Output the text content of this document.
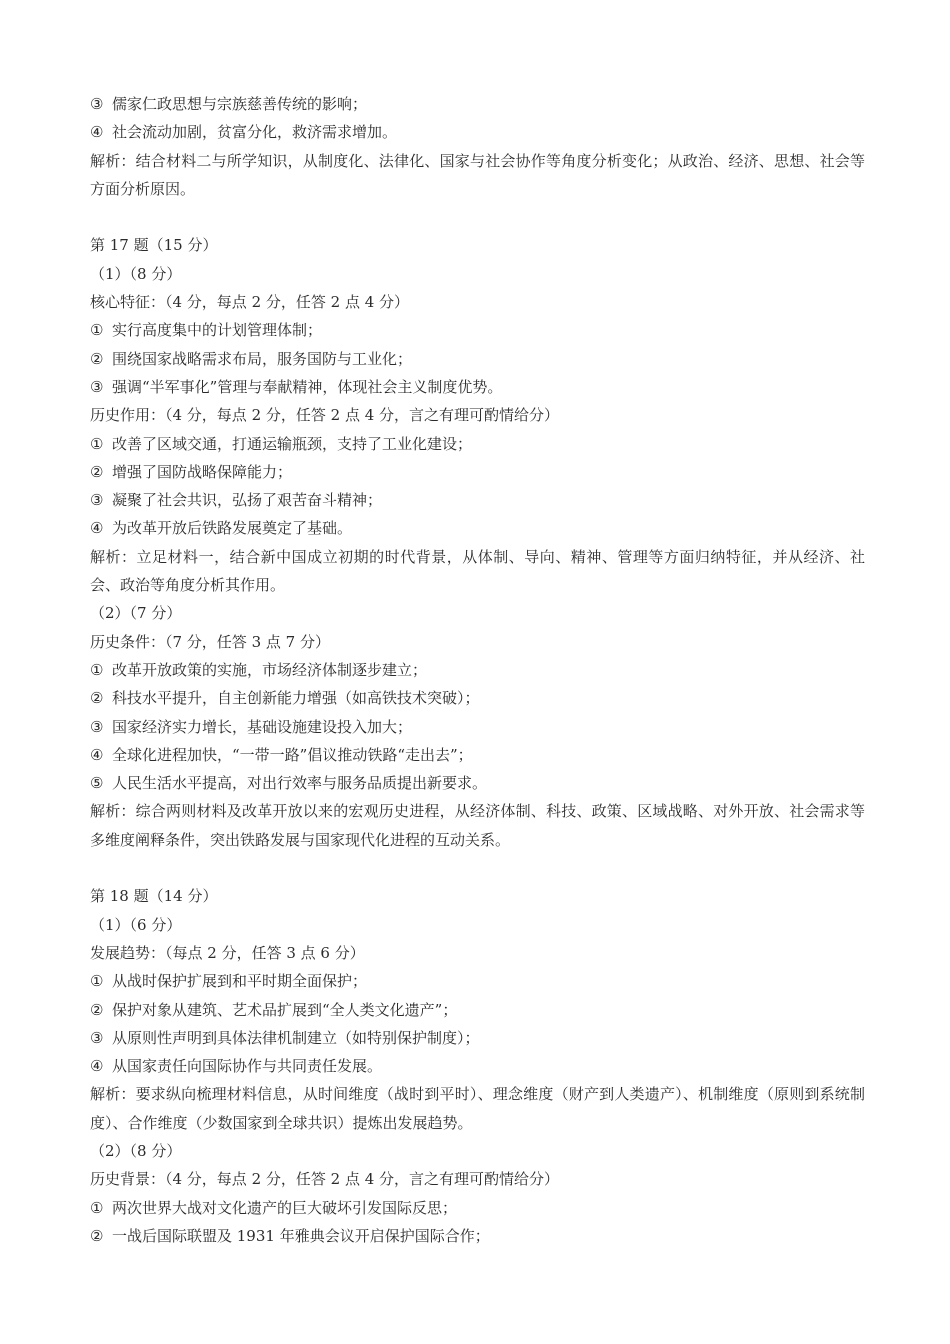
③ 儒家仁政思想与宗族慈善传统的影响；
④ 社会流动加剧，贫富分化，救济需求增加。
解析：结合材料二与所学知识，从制度化、法律化、国家与社会协作等角度分析变化；从政治、经济、思想、社会等方面分析原因。
第 17 题（15 分）
（1）（8 分）
核心特征：（4 分，每点 2 分，任答 2 点 4 分）
① 实行高度集中的计划管理体制；
② 围绕国家战略需求布局，服务国防与工业化；
③ 强调“半军事化”管理与奉献精神，体现社会主义制度优势。
历史作用：（4 分，每点 2 分，任答 2 点 4 分，言之有理可酌情给分）
① 改善了区域交通，打通运输瓶颈，支持了工业化建设；
② 增强了国防战略保障能力；
③ 凝聚了社会共识，弘扬了艰苦奋斗精神；
④ 为改革开放后铁路发展奠定了基础。
解析：立足材料一，结合新中国成立初期的时代背景，从体制、导向、精神、管理等方面归纳特征，并从经济、社会、政治等角度分析其作用。
（2）（7 分）
历史条件：（7 分，任答 3 点 7 分）
① 改革开放政策的实施，市场经济体制逐步建立；
② 科技水平提升，自主创新能力增强（如高铁技术突破）；
③ 国家经济实力增长，基础设施建设投入加大；
④ 全球化进程加快，“一带一路”倡议推动铁路“走出去”；
⑤ 人民生活水平提高，对出行效率与服务品质提出新要求。
解析：综合两则材料及改革开放以来的宏观历史进程，从经济体制、科技、政策、区域战略、对外开放、社会需求等多维度阐释条件，突出铁路发展与国家现代化进程的互动关系。
第 18 题（14 分）
（1）（6 分）
发展趋势：（每点 2 分，任答 3 点 6 分）
① 从战时保护扩展到和平时期全面保护；
② 保护对象从建筑、艺术品扩展到“全人类文化遗产”；
③ 从原则性声明到具体法律机制建立（如特别保护制度）；
④ 从国家责任向国际协作与共同责任发展。
解析：要求纵向梳理材料信息，从时间维度（战时到平时）、理念维度（财产到人类遗产）、机制维度（原则到系统制度）、合作维度（少数国家到全球共识）提炼出发展趋势。
（2）（8 分）
历史背景：（4 分，每点 2 分，任答 2 点 4 分，言之有理可酌情给分）
① 两次世界大战对文化遗产的巨大破坏引发国际反思；
② 一战后国际联盟及 1931 年雅典会议开启保护国际合作；
